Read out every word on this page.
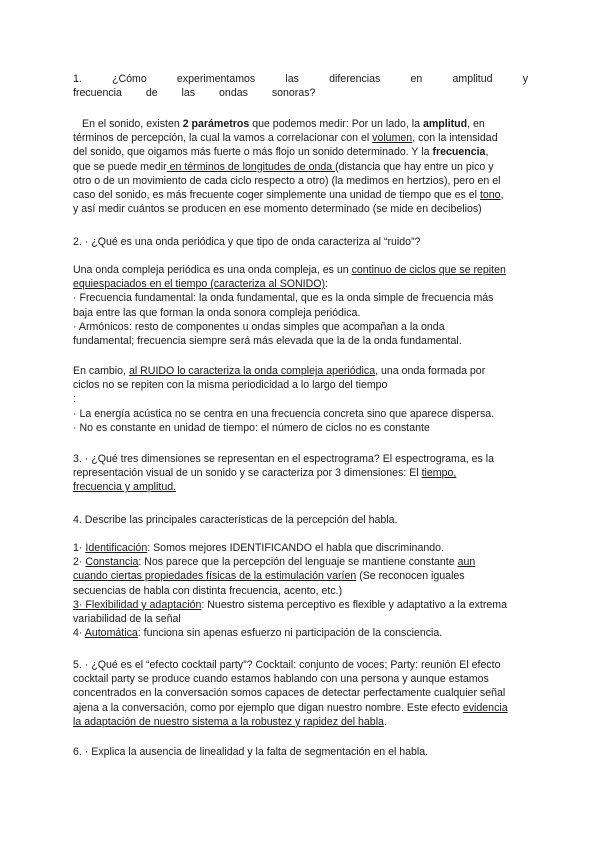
1. ¿Cómo experimentamos las diferencias en amplitud y
frecuencia de las ondas sonoras?
En el sonido, existen 2 parámetros que podemos medir: Por un lado, la amplitud, en
términos de percepción, la cual la vamos a correlacionar con el volumen, con la intensidad
del sonido, que oigamos más fuerte o más flojo un sonido determinado. Y la frecuencia,
que se puede medir en términos de longitudes de onda (distancia que hay entre un pico y
otro o de un movimiento de cada ciclo respecto a otro) (la medimos en hertzios), pero en el
caso del sonido, es más frecuente coger simplemente una unidad de tiempo que es el tono,
y así medir cuántos se producen en ese momento determinado (se mide en decibelios)
2. · ¿Qué es una onda periódica y que tipo de onda caracteriza al “ruido”?
Una onda compleja periódica es una onda compleja, es un continuo de ciclos que se repiten
equiespaciados en el tiempo (caracteriza al SONIDO):
· Frecuencia fundamental: la onda fundamental, que es la onda simple de frecuencia más
baja entre las que forman la onda sonora compleja periódica.
· Armónicos: resto de componentes u ondas simples que acompañan a la onda
fundamental; frecuencia siempre será más elevada que la de la onda fundamental.
En cambio, al RUIDO lo caracteriza la onda compleja aperiódica, una onda formada por
ciclos no se repiten con la misma periodicidad a lo largo del tiempo
:
· La energía acústica no se centra en una frecuencia concreta sino que aparece dispersa.
· No es constante en unidad de tiempo: el número de ciclos no es constante
3. · ¿Qué tres dimensiones se representan en el espectrograma? El espectrograma, es la
representación visual de un sonido y se caracteriza por 3 dimensiones: El tiempo,
frecuencia y amplitud.
4. Describe las principales características de la percepción del habla.
1· Identificación: Somos mejores IDENTIFICANDO el habla que discriminando.
2· Constancia: Nos parece que la percepción del lenguaje se mantiene constante aun
cuando ciertas propiedades físicas de la estimulación varíen (Se reconocen iguales
secuencias de habla con distinta frecuencia, acento, etc.)
3· Flexibilidad y adaptación: Nuestro sistema perceptivo es flexible y adaptativo a la extrema
variabilidad de la señal
4· Automática: funciona sin apenas esfuerzo ni participación de la consciencia.
5. · ¿Qué es el “efecto cocktail party”? Cocktail: conjunto de voces; Party: reunión El efecto
cocktail party se produce cuando estamos hablando con una persona y aunque estamos
concentrados en la conversación somos capaces de detectar perfectamente cualquier señal
ajena a la conversación, como por ejemplo que digan nuestro nombre. Este efecto evidencia
la adaptación de nuestro sistema a la robustez y rapidez del habla.
6. · Explica la ausencia de linealidad y la falta de segmentación en el habla.
